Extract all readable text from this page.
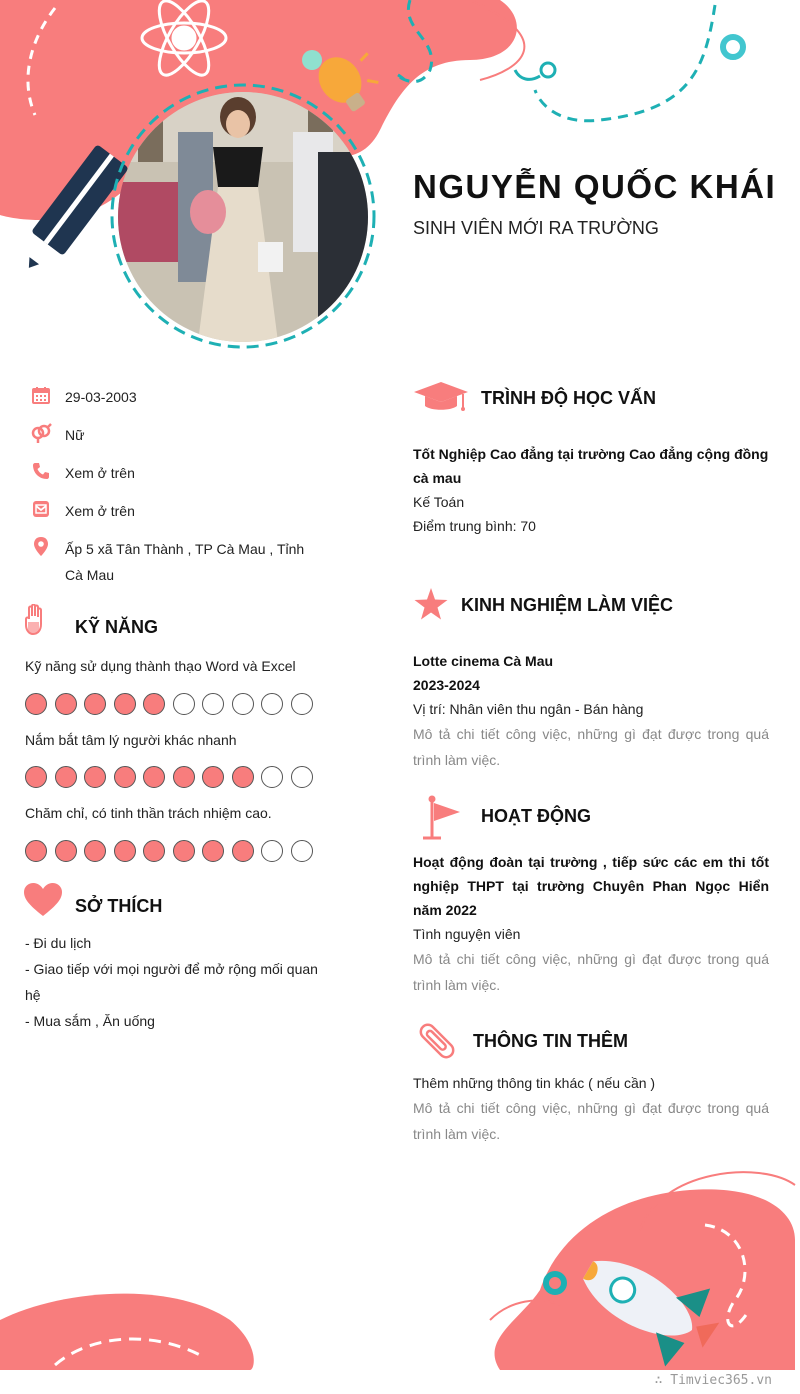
NGUYỄN QUỐC KHÁI
SINH VIÊN MỚI RA TRƯỜNG
29-03-2003
Nữ
Xem ở trên
Xem ở trên
Ấp 5 xã Tân Thành , TP Cà Mau , Tỉnh Cà Mau
KỸ NĂNG
Kỹ năng sử dụng thành thạo Word và Excel
Nắm bắt tâm lý người khác nhanh
Chăm chỉ, có tinh thần trách nhiệm cao.
SỞ THÍCH
- Đi du lịch
- Giao tiếp với mọi người để mở rộng mối quan hệ
- Mua sắm , Ăn uống
TRÌNH ĐỘ HỌC VẤN
Tốt Nghiệp Cao đẳng tại trường Cao đẳng cộng đồng cà mau
Kế Toán
Điểm trung bình: 70
KINH NGHIỆM LÀM VIỆC
Lotte cinema Cà Mau
2023-2024
Vị trí: Nhân viên thu ngân - Bán hàng
Mô tả chi tiết công việc, những gì đạt được trong quá trình làm việc.
HOẠT ĐỘNG
Hoạt động đoàn tại trường , tiếp sức các em thi tốt nghiệp THPT tại trường Chuyên Phan Ngọc Hiển năm 2022
Tình nguyện viên
Mô tả chi tiết công việc, những gì đạt được trong quá trình làm việc.
THÔNG TIN THÊM
Thêm những thông tin khác ( nếu cần )
Mô tả chi tiết công việc, những gì đạt được trong quá trình làm việc.
∴ Timviec365.vn
